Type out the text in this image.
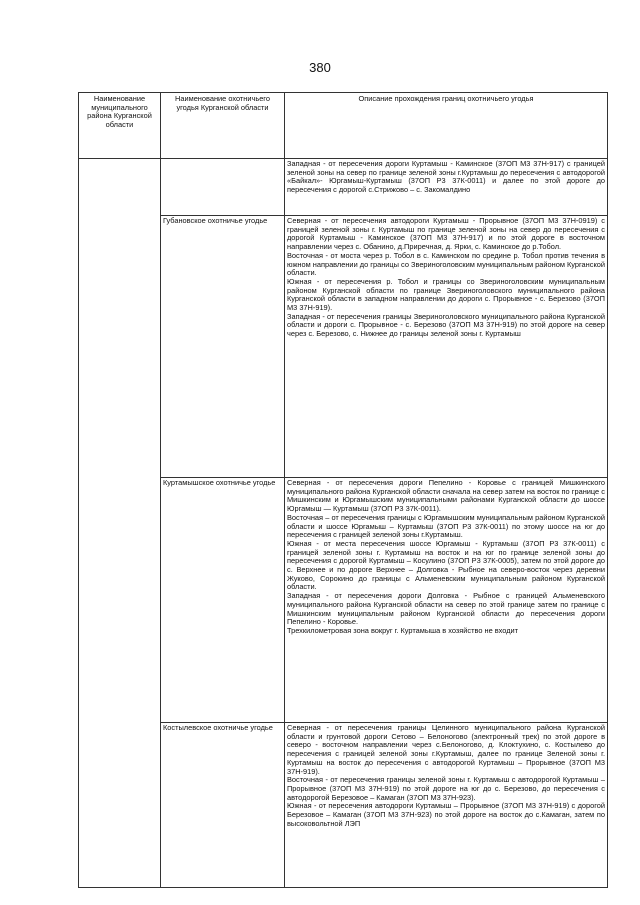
380
Наименование муниципального района Курганской области	Наименование охотничьего угодья Курганской области	Описание прохождения границ охотничьего угодья

		Западная - от пересечения дороги Куртамыш - Каминское (37ОП М3 37Н-917) с границей зеленой зоны на север по границе зеленой зоны г.Куртамыш до пересечения с автодорогой «Байкал»- Юргамыш-Куртамыш (37ОП Р3 37К-0011) и далее по этой дороге до пересечения с дорогой с.Стрижово – с. Закомалдино

	Губановское охотничье угодье	Северная - от пересечения автодороги Куртамыш - Прорывное (37ОП М3 37Н-0919) с границей зеленой зоны г. Куртамыш по границе зеленой зоны на север до пересечения с дорогой Куртамыш - Каминское (37ОП М3 37Н-917) и по этой дороге в восточном направлении через с. Обанино, д.Приречная, д. Ярки, с. Каминское до р.Тобол.

Восточная - от моста через р. Тобол в с. Каминском по средине р. Тобол против течения в южном направлении до границы со Звериноголовским муниципальным районом Курганской области.

Южная - от пересечения р. Тобол и границы со Звериноголовским муниципальным районом Курганской области по границе Звериноголовского муниципального района Курганской области в западном направлении до дороги с. Прорывное - с. Березово (37ОП М3 37Н-919).

Западная - от пересечения границы Звериноголовского муниципального района Курганской области и дороги с. Прорывное - с. Березово (37ОП М3 37Н-919) по этой дороге на север через с. Березово, с. Нижнее до границы зеленой зоны г. Куртамыш

	Куртамышское охотничье угодье	Северная - от пересечения дороги Пепелино - Коровье с границей Мишкинского муниципального района Курганской области сначала на север затем на восток по границе с Мишкинским и Юргамышским муниципальными районами Курганской области до шоссе Юргамыш — Куртамыш (37ОП Р3 37К-0011).

Восточная – от пересечения границы с Юргамышским муниципальным районом Курганской области и шоссе Юргамыш – Куртамыш (37ОП Р3 37К-0011) по этому шоссе на юг до пересечения с границей зеленой зоны г.Куртамыш.

Южная - от места пересечения шоссе Юргамыш - Куртамыш (37ОП Р3 37К-0011) с границей зеленой зоны г. Куртамыш на восток и на юг по границе зеленой зоны до пересечения с дорогой Куртамыш – Косулино (37ОП Р3 37К-0005), затем по этой дороге до с. Верхнее и по дороге Верхнее – Долговка - Рыбное на северо-восток через деревни Жуково, Сорокино до границы с Альменевским муниципальным районом Курганской области.

Западная - от пересечения дороги Долговка - Рыбное с границей Альменевского муниципального района Курганской области на север по этой границе затем по границе с Мишкинским муниципальным районом Курганской области до пересечения дороги Пепелино - Коровье.

Трехкилометровая зона вокруг г. Куртамыша в хозяйство не входит

	Костылевское охотничье угодье	Северная - от пересечения границы Целинного муниципального района Курганской области и грунтовой дороги Сетово – Белоногово (электронный трек) по этой дороге в северо - восточном направлении через с.Белоногово, д. Клоктухино, с. Костылево до пересечения с границей зеленой зоны г.Куртамыш, далее по границе Зеленой зоны г. Куртамыш на восток до пересечения с автодорогой Куртамыш – Прорывное (37ОП М3 37Н-919).

Восточная - от пересечения границы зеленой зоны г. Куртамыш с автодорогой Куртамыш – Прорывное (37ОП М3 37Н-919) по этой дороге на юг до с. Березово, до пересечения с автодорогой Березовое – Камаган (37ОП М3 37Н-923).

Южная - от пересечения автодороги Куртамыш – Прорывное (37ОП М3 37Н-919) с дорогой Березовое – Камаган (37ОП М3 37Н-923) по этой дороге на восток до с.Камаган, затем по высоковольтной ЛЭП
